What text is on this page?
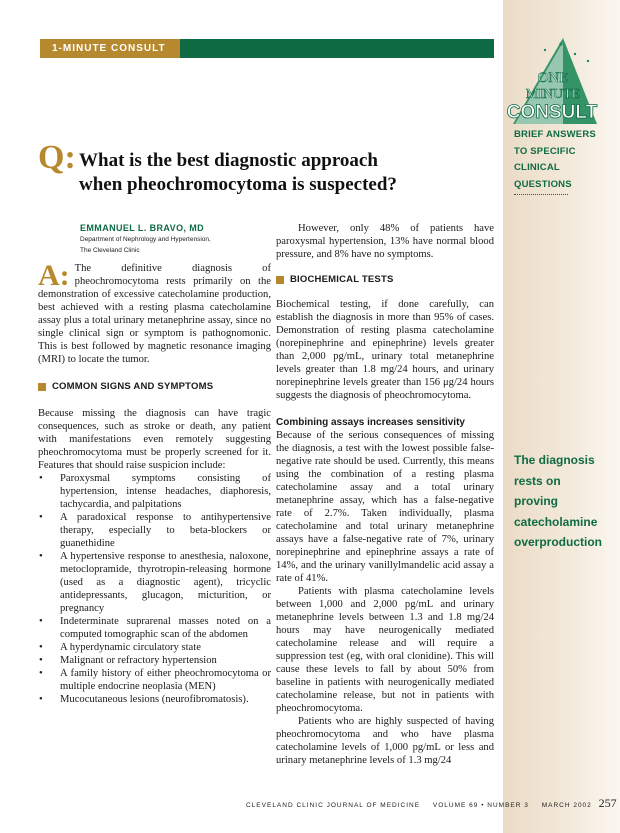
1-MINUTE CONSULT
ONE
MINUTE
CONSULT
BRIEF ANSWERS
TO SPECIFIC
CLINICAL
QUESTIONS
The diagnosis
rests on proving
catecholamine
overproduction
Q: What is the best diagnostic approach
when pheochromocytoma is suspected?
EMMANUEL L. BRAVO, MD
Department of Nephrology and Hypertension,
The Cleveland Clinic

A: The definitive diagnosis of pheochromocytoma rests primarily on the demonstration of excessive catecholamine production, best achieved with a resting plasma catecholamine assay plus a total urinary metanephrine assay, since no single clinical sign or symptom is pathognomonic. This is best followed by magnetic resonance imaging (MRI) to locate the tumor.

COMMON SIGNS AND SYMPTOMS

Because missing the diagnosis can have tragic consequences, such as stroke or death, any patient with manifestations even remotely suggesting pheochromocytoma must be properly screened for it. Features that should raise suspicion include:

• Paroxysmal symptoms consisting of hypertension, intense headaches, diaphoresis, tachycardia, and palpitations
• A paradoxical response to antihypertensive therapy, especially to beta-blockers or guanethidine
• A hypertensive response to anesthesia, naloxone, metoclopramide, thyrotropin-releasing hormone (used as a diagnostic agent), tricyclic antidepressants, glucagon, micturition, or pregnancy
• Indeterminate suprarenal masses noted on a computed tomographic scan of the abdomen
• A hyperdynamic circulatory state
• Malignant or refractory hypertension
• A family history of either pheochromocytoma or multiple endocrine neoplasia (MEN)
• Mucocutaneous lesions (neurofibromatosis).

However, only 48% of patients have paroxysmal hypertension, 13% have normal blood pressure, and 8% have no symptoms.

BIOCHEMICAL TESTS

Biochemical testing, if done carefully, can establish the diagnosis in more than 95% of cases. Demonstration of resting plasma catecholamine (norepinephrine and epinephrine) levels greater than 2,000 pg/mL, urinary total metanephrine levels greater than 1.8 mg/24 hours, and urinary norepinephrine levels greater than 156 μg/24 hours suggests the diagnosis of pheochromocytoma.

Combining assays increases sensitivity

Because of the serious consequences of missing the diagnosis, a test with the lowest possible false-negative rate should be used. Currently, this means using the combination of a resting plasma catecholamine assay and a total urinary metanephrine assay, which has a false-negative rate of 2.7%. Taken individually, plasma catecholamine and total urinary metanephrine assays have a false-negative rate of 7%, urinary norepinephrine and epinephrine assays a rate of 14%, and the urinary vanillylmandelic acid assay a rate of 41%.

Patients with plasma catecholamine levels between 1,000 and 2,000 pg/mL and urinary metanephrine levels between 1.3 and 1.8 mg/24 hours may have neurogenically mediated catecholamine release and will require a suppression test (eg, with oral clonidine). This will cause these levels to fall by about 50% from baseline in patients with neurogenically mediated catecholamine release, but not in patients with pheochromocytoma.

Patients who are highly suspected of having pheochromocytoma and who have plasma catecholamine levels of 1,000 pg/mL or less and urinary metanephrine levels of 1.3 mg/24

CLEVELAND CLINIC JOURNAL OF MEDICINE VOLUME 69 • NUMBER 3 MARCH 2002 257
